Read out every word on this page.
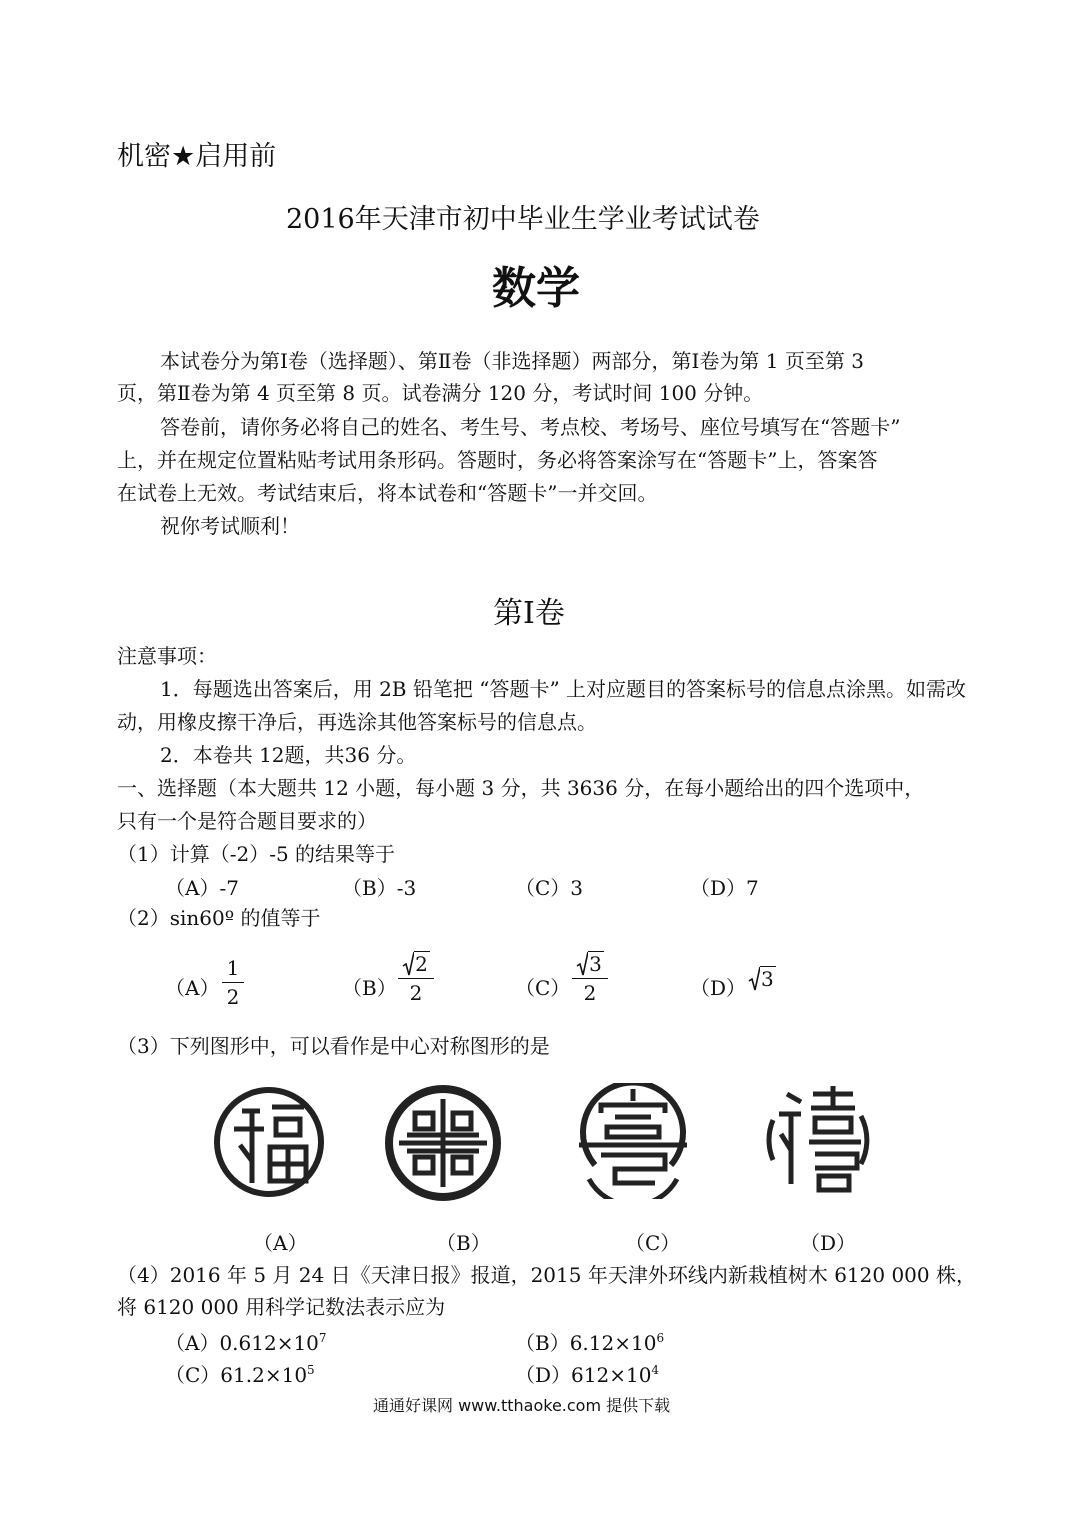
机密★启用前
2016年天津市初中毕业生学业考试试卷
数学
本试卷分为第Ⅰ卷（选择题）、第Ⅱ卷（非选择题）两部分，第Ⅰ卷为第 1 页至第 3
页，第Ⅱ卷为第 4 页至第 8 页。试卷满分 120 分，考试时间 100 分钟。
答卷前，请你务必将自己的姓名、考生号、考点校、考场号、座位号填写在“答题卡”
上，并在规定位置粘贴考试用条形码。答题时，务必将答案涂写在“答题卡”上，答案答
在试卷上无效。考试结束后，将本试卷和“答题卡”一并交回。
祝你考试顺利！
第Ⅰ卷
注意事项：
1．每题选出答案后，用 2B 铅笔把 “答题卡” 上对应题目的答案标号的信息点涂黑。如需改
动，用橡皮擦干净后，再选涂其他答案标号的信息点。
2．本卷共 12题，共36 分。
一、选择题（本大题共 12 小题，每小题 3 分，共 3636 分，在每小题给出的四个选项中，
只有一个是符合题目要求的）
（1）计算（-2）-5 的结果等于
（A）-7	（B）-3	（C）3	（D）7
（2）sin60º 的值等于
（A）
1
2	（B）
2
2	（C）
3
2	（D） 3
（3）下列图形中，可以看作是中心对称图形的是
（A）	（B）	（C）	（D）
（4）2016 年 5 月 24 日《天津日报》报道，2015 年天津外环线内新栽植树木 6120 000 株，
将 6120 000 用科学记数法表示应为
$(A)0.612\times 10^7$	$(B)6.12\times 10^6$
$(C)61.2\times 10^5$	$(D)612\times 10^4$
通通好课网 www.tthaoke.com 提供下载
